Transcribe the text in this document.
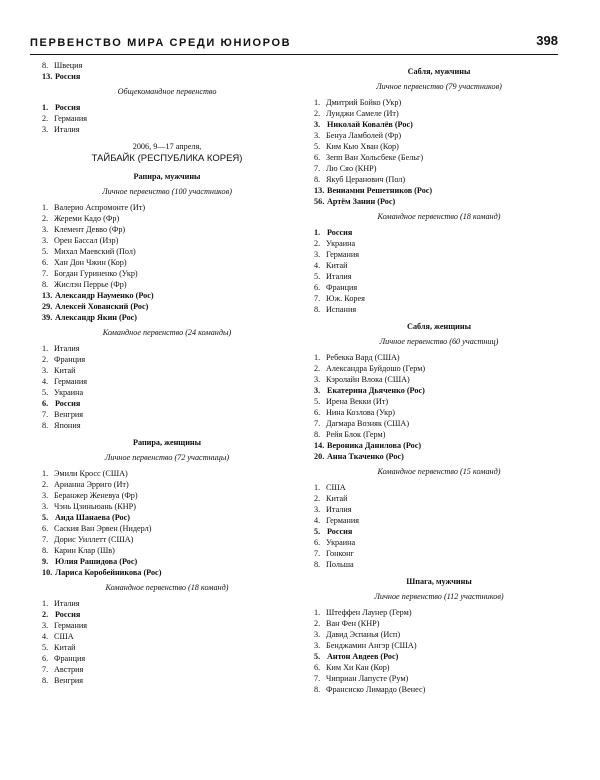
ПЕРВЕНСТВО МИРА СРЕДИ ЮНИОРОВ	398
8. Швеция
13. Россия
Общекомандное первенство
1. Россия
2. Германия
3. Италия
2006, 9—17 апреля,
ТАЙБАЙК (РЕСПУБЛИКА КОРЕЯ)
Рапира, мужчины
Личное первенство (100 участников)
1. Валерио Аспромонте (Ит)
2. Жереми Кадо (Фр)
3. Клемент Девво (Фр)
3. Орен Бассал (Изр)
5. Михал Маевский (Пол)
6. Хан Дон Чжин (Кор)
7. Богдан Гуриненко (Укр)
8. Жислэн Перрье (Фр)
13. Александр Науменко (Рос)
29. Алексей Хованский (Рос)
39. Александр Якин (Рос)
Командное первенство (24 команды)
1. Италия
2. Франция
3. Китай
4. Германия
5. Украина
6. Россия
7. Венгрия
8. Япония
Рапира, женщины
Личное первенство (72 участницы)
1. Эмили Кросс (США)
2. Арианна Эрриго (Ит)
3. Беранжер Женевуа (Фр)
3. Чэнь Цзиньюань (КНР)
5. Аида Шанаева (Рос)
6. Саския Ван Эрвен (Нидерл)
7. Дорис Уиллетт (США)
8. Карин Клар (Шв)
9. Юлия Рашидова (Рос)
10. Лариса Коробейникова (Рос)
Командное первенство (18 команд)
1. Италия
2. Россия
3. Германия
4. США
5. Китай
6. Франция
7. Австрия
8. Венгрия
Сабля, мужчины
Личное первенство (79 участников)
1. Дмитрий Бойко (Укр)
2. Луиджи Самеле (Ит)
3. Николай Ковалёв (Рос)
3. Бенуа Ламболей (Фр)
5. Ким Кью Хван (Кор)
6. Зепп Ван Хольсбеке (Бельг)
7. Лю Сяо (КНР)
8. Якуб Церанович (Пол)
13. Вениамин Решетников (Рос)
56. Артём Занин (Рос)
Командное первенство (18 команд)
1. Россия
2. Украина
3. Германия
4. Китай
5. Италия
6. Франция
7. Юж. Корея
8. Испания
Сабля, женщины
Личное первенство (60 участниц)
1. Ребекка Вард (США)
2. Александра Буйдошо (Герм)
3. Кэролайн Влока (США)
3. Екатерина Дьяченко (Рос)
5. Ирена Векки (Ит)
6. Нина Козлова (Укр)
7. Дагмара Возняк (США)
8. Рейя Блок (Герм)
14. Вероника Данилова (Рос)
20. Анна Ткаченко (Рос)
Командное первенство (15 команд)
1. США
2. Китай
3. Италия
4. Германия
5. Россия
6. Украина
7. Гонконг
8. Польша
Шпага, мужчины
Личное первенство (112 участников)
1. Штеффен Лаунер (Герм)
2. Ван Фен (КНР)
3. Давид Эспанья (Исп)
3. Бенджамин Ангэр (США)
5. Антон Авдеев (Рос)
6. Ким Хи Кан (Кор)
7. Чиприан Лапусте (Рум)
8. Франсиско Лимардо (Венес)
